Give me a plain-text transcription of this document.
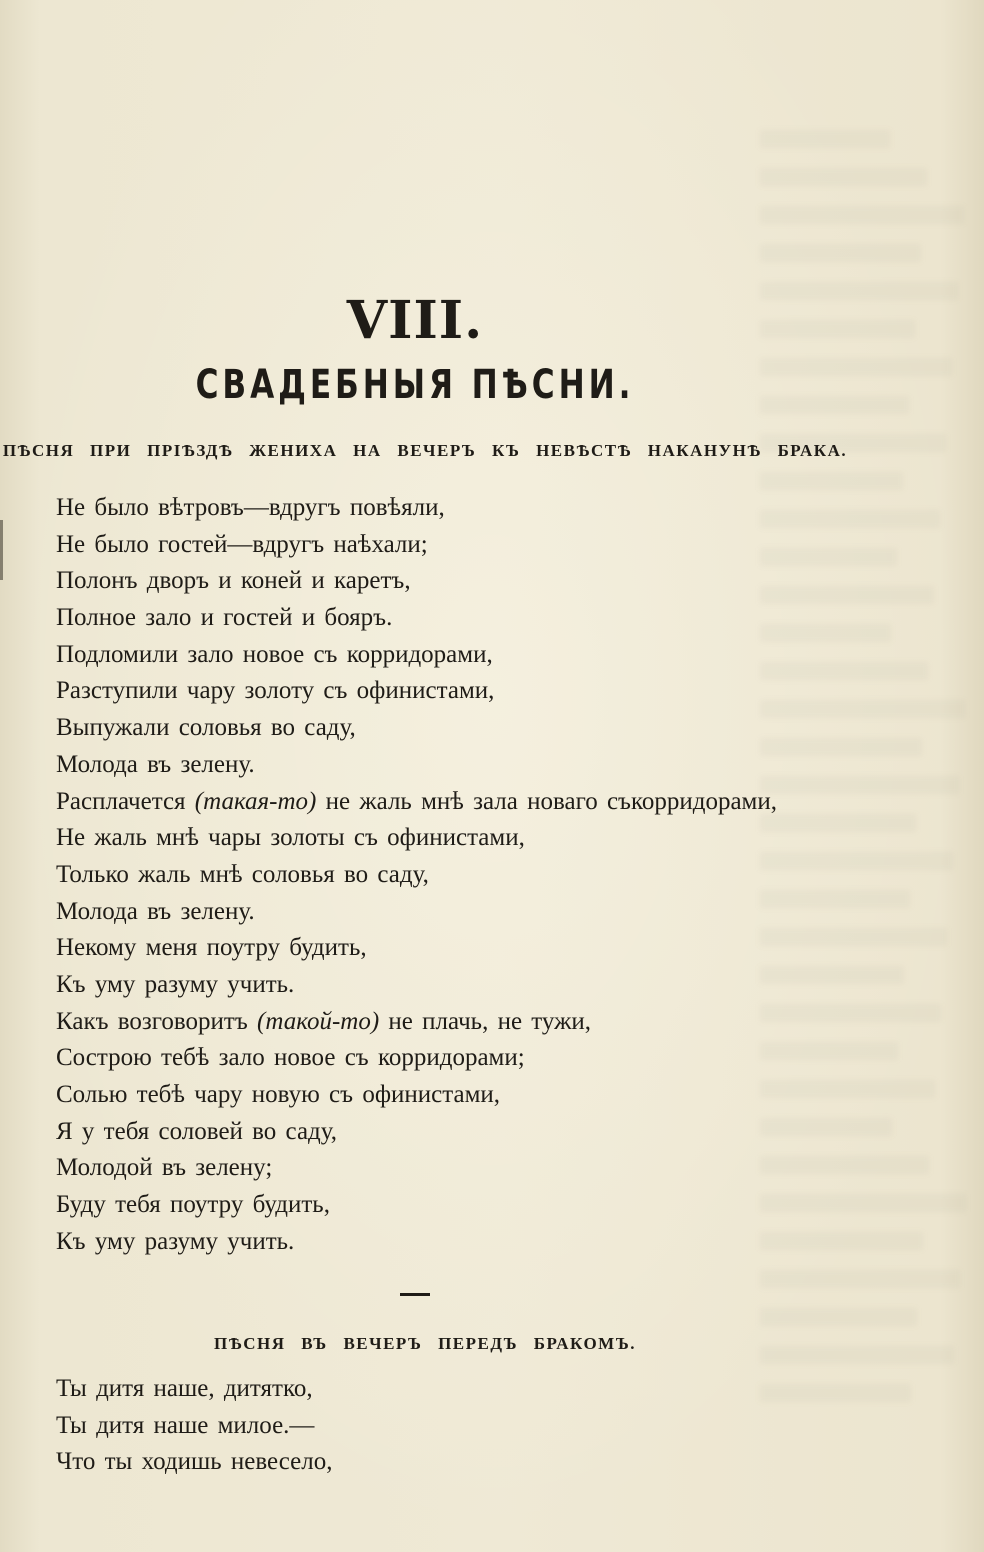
VIII.
СВАДЕБНЫЯ ПѢСНИ.
ПѢСНЯ ПРИ ПРІѢЗДѢ ЖЕНИХА НА ВЕЧЕРЪ КЪ НЕВѢСТѢ НАКАНУНѢ БРАКА.
Не было вѣтровъ—вдругъ повѣяли,
Не было гостей—вдругъ наѣхали;
Полонъ дворъ и коней и каретъ,
Полное зало и гостей и бояръ.
Подломили зало новое съ корридорами,
Разступили чару золоту съ офинистами,
Выпужали соловья во саду,
Молода въ зелену.
Расплачется (такая-то) не жаль мнѣ зала новаго съкорридорами,
Не жаль мнѣ чары золоты съ офинистами,
Только жаль мнѣ соловья во саду,
Молода въ зелену.
Некому меня поутру будить,
Къ уму разуму учить.
Какъ возговоритъ (такой-то) не плачь, не тужи,
Сострою тебѣ зало новое съ корридорами;
Солью тебѣ чару новую съ офинистами,
Я у тебя соловей во саду,
Молодой въ зелену;
Буду тебя поутру будить,
Къ уму разуму учить.
ПѢСНЯ ВЪ ВЕЧЕРЪ ПЕРЕДЪ БРАКОМЪ.
Ты дитя наше, дитятко,
Ты дитя наше милое.—
Что ты ходишь невесело,
